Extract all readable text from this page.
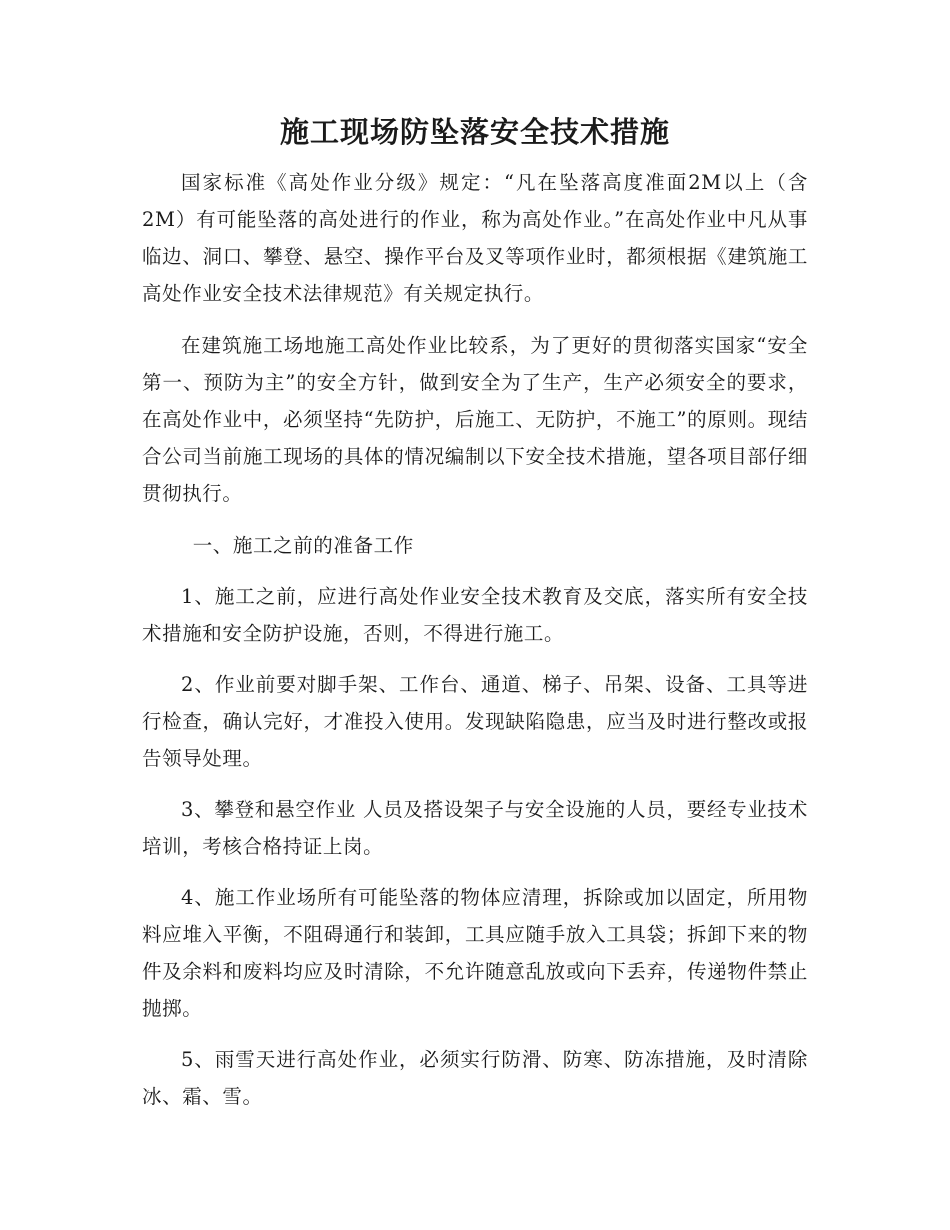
施工现场防坠落安全技术措施

国家标准《高处作业分级》规定：“凡在坠落高度准面2M以上（含2M）有可能坠落的高处进行的作业，称为高处作业。”在高处作业中凡从事临边、洞口、攀登、悬空、操作平台及叉等项作业时，都须根据《建筑施工高处作业安全技术法律规范》有关规定执行。

在建筑施工场地施工高处作业比较系，为了更好的贯彻落实国家“安全第一、预防为主”的安全方针，做到安全为了生产，生产必须安全的要求，在高处作业中，必须坚持“先防护，后施工、无防护，不施工”的原则。现结合公司当前施工现场的具体的情况编制以下安全技术措施，望各项目部仔细贯彻执行。

一、施工之前的准备工作

1、施工之前，应进行高处作业安全技术教育及交底，落实所有安全技术措施和安全防护设施，否则，不得进行施工。

2、作业前要对脚手架、工作台、通道、梯子、吊架、设备、工具等进行检查，确认完好，才准投入使用。发现缺陷隐患，应当及时进行整改或报告领导处理。

3、攀登和悬空作业 人员及搭设架子与安全设施的人员，要经专业技术培训，考核合格持证上岗。

4、施工作业场所有可能坠落的物体应清理，拆除或加以固定，所用物料应堆入平衡，不阻碍通行和装卸，工具应随手放入工具袋；拆卸下来的物件及余料和废料均应及时清除，不允许随意乱放或向下丢弃，传递物件禁止抛掷。

5、雨雪天进行高处作业，必须实行防滑、防寒、防冻措施，及时清除冰、霜、雪。
